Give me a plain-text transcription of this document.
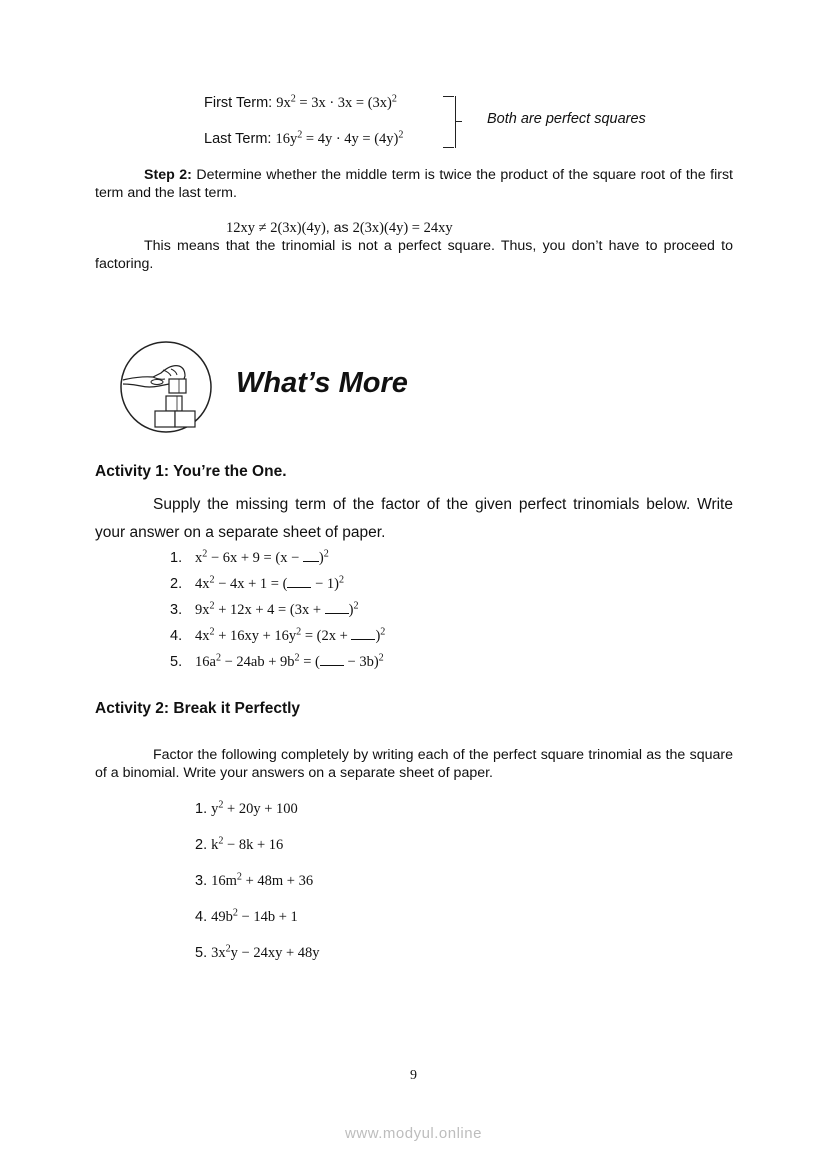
First Term: $9x^2 = 3x \cdot 3x = (3x)^2$
Last Term: $16y^2 = 4y \cdot 4y = (4y)^2$
Both are perfect squares
Step 2: Determine whether the middle term is twice the product of the square root of the first term and the last term.
12xy ≠ 2(3x)(4y), as 2(3x)(4y) = 24xy
This means that the trinomial is not a perfect square. Thus, you don’t have to proceed to factoring.
What’s More
Activity 1: You’re the One.
Supply the missing term of the factor of the given perfect trinomials below. Write your answer on a separate sheet of paper.
1. $x^2 - 6x + 9 = (x - )^2$
2. $4x^2 - 4x + 1$ = ( − 1)$^2$
3. $9x^2 + 12x + 4 = (3x + )^2$
4. $4x^2 + 16xy + 16y^2 = (2x + )^2$
5. $16a^2 - 24ab + 9b^2$ = ( − 3b)$^2$
Activity 2: Break it Perfectly
Factor the following completely by writing each of the perfect square trinomial as the square of a binomial. Write your answers on a separate sheet of paper.
1. $y^2 + 20y + 100$
2. $k^2 - 8k + 16$
3. $16m^2 + 48m + 36$
4. $49b^2 - 14b + 1$
5. $3x^2y - 24xy + 48y$
9
www.modyul.online
